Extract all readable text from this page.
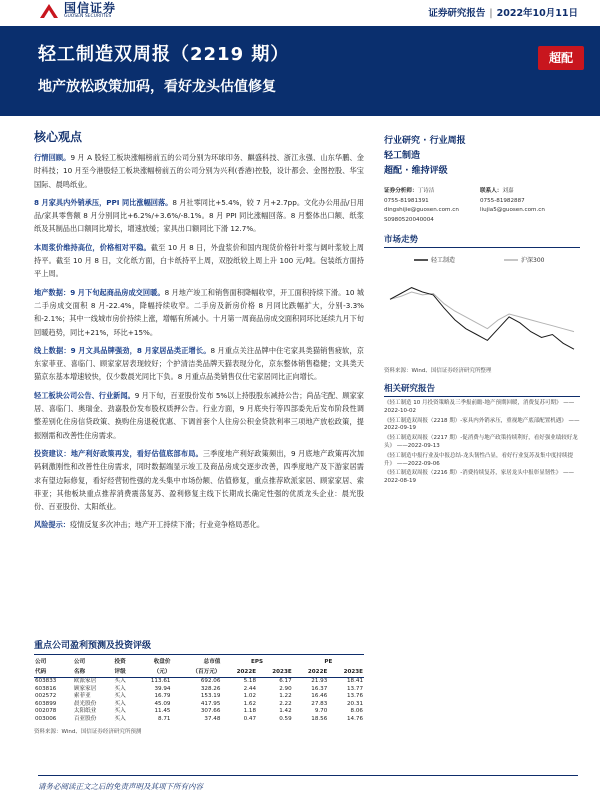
国信证券
GUOSEN SECURITIES	证券研究报告 | 2022年10月11日
轻工制造双周报（2219 期）
地产放松政策加码，看好龙头估值修复
超配
核心观点

行情回顾。9 月 A 股轻工板块涨幅榜前五的公司分别为环球印务、麒盛科技、浙江永强、山东华鹏、金时科技；10 月至今港股轻工板块涨幅榜前五的公司分别为兴利(香港)控股，设计都会、金图控股、华宝国际、晨鸣纸业。

8 月家具内外销承压，PPI 同比涨幅回落。8 月社零同比+5.4%，较 7 月+2.7pp。文化办公用品/日用品/家具零售额 8 月分别同比+6.2%/+3.6%/-8.1%。8 月 PPI 同比涨幅回落。8 月整体出口额、纸浆纸及其制品出口额同比增长，增速放缓；家具出口额同比下滑 12.7%。

本周浆价维持高位，价格相对平稳。截至 10 月 8 日，外盘浆价和国内现货价格针叶浆与阔叶浆较上周持平。截至 10 月 8 日，文化纸方面，白卡纸持平上周，双胶纸较上周上升 100 元/吨。包装纸方面持平上周。

地产数据：9 月下旬起商品房成交回暖。8 月地产竣工和销售面积降幅收窄，开工面积持续下滑。10 城二手房成交面积 8 月-22.4%，降幅持续收窄。二手房及新房价格 8 月同比跌幅扩大，分别-3.3%和-2.1%；其中一线城市房价持续上涨，增幅有所减小。十月第一周商品房成交面积同环比延续九月下旬回暖趋势，同比+21%，环比+15%。

线上数据：9 月文具品牌强劲，8 月家居品类正增长。8 月重点关注品牌中住宅家具类猫销售疲软，京东家菲亚、喜临门、顾家家居表现较好；个护清洁类品牌天猫表现分化，京东整体销售稳健；文具类天猫京东基本增速较快，仅少数晨光同比下负。8 月重点品类销售仅仕宅家居同比正向增长。

轻工板块公司公告、行业新闻。9 月下旬，百亚股份发布 5%以上持股股东减持公告；尚品宅配、顾家家居、喜临门、奥瑞金、劲嘉股份发布股权质押公告。行业方面，9 月底央行等四部委先后发布阶段性调整差别化住房信贷政策、换购住房退税优惠、下调首套个人住房公积金贷款利率三项地产放松政策，提振刚需和改善性住房需求。

投资建议：地产利好政策再发，看好估值底部布局。三季度地产利好政策频出，9 月底地产政策再次加码刺激刚性和改善性住房需求，同时数据端显示竣工及商品房成交逐步改善，四季度地产及下游家居需求有望边际修复，看好经营韧性强的龙头集中市场份额、估值修复，重点推荐欧派家居、顾家家居、索菲亚；其他板块重点推荐消费震荡复苏、盈利修复主线下长期成长确定性强的优质龙头企业：晨光股份、百亚股份、太阳纸业。

风险提示：疫情反复多次冲击；地产开工持续下滑；行业竞争格局恶化。

重点公司盈利预测及投资评级
公司	公司	投资	收盘价	总市值	EPS		PE	
代码	名称	评级	（元）	（百万元）	2022E	2023E	2022E	2023E
603833	欧派家居	买入	113.61	692.06	5.18	6.17	21.93	18.41
603816	顾家家居	买入	39.94	328.26	2.44	2.90	16.37	13.77
002572	索菲亚	买入	16.79	153.19	1.02	1.22	16.46	13.76
603899	晨光股份	买入	45.09	417.95	1.62	2.22	27.83	20.31
002078	太阳纸业	买入	11.45	307.66	1.18	1.42	9.70	8.06
003006	百亚股份	买入	8.71	37.48	0.47	0.59	18.56	14.76
资料来源：Wind、国信证券经济研究所预测
行业研究 · 行业周报
轻工制造
超配 · 维持评级
证券分析师：丁诗洁	联系人：刘嘉
0755-81981391	0755-81982887
dingshijie@guosen.com.cn	liujia5@guosen.com.cn
S0980520040004
市场走势
轻工制造	沪深300
资料来源：Wind、国信证券经济研究所整理
相关研究报告
《轻工制造 10 月投资策略及三季报前瞻-地产预期回暖，消费复苏可期》 ——2022-10-02
《轻工制造双周报（2218 期）-家具内外销承压，重视地产底部配置机遇》 ——2022-09-19
《轻工制造双周报（2217 期）-促消费与地产政策持续利好，看好强业绩较好龙头》 ——2022-09-13
《轻工制造中报行业及中报总结-龙头韧性凸显，看好行业复苏及集中度持续提升》 ——2022-09-06
《轻工制造双周报（2216 期）-消费持续复苏，家居龙头中报彰显韧性》 ——2022-08-19
请务必阅读正文之后的免责声明及其项下所有内容
